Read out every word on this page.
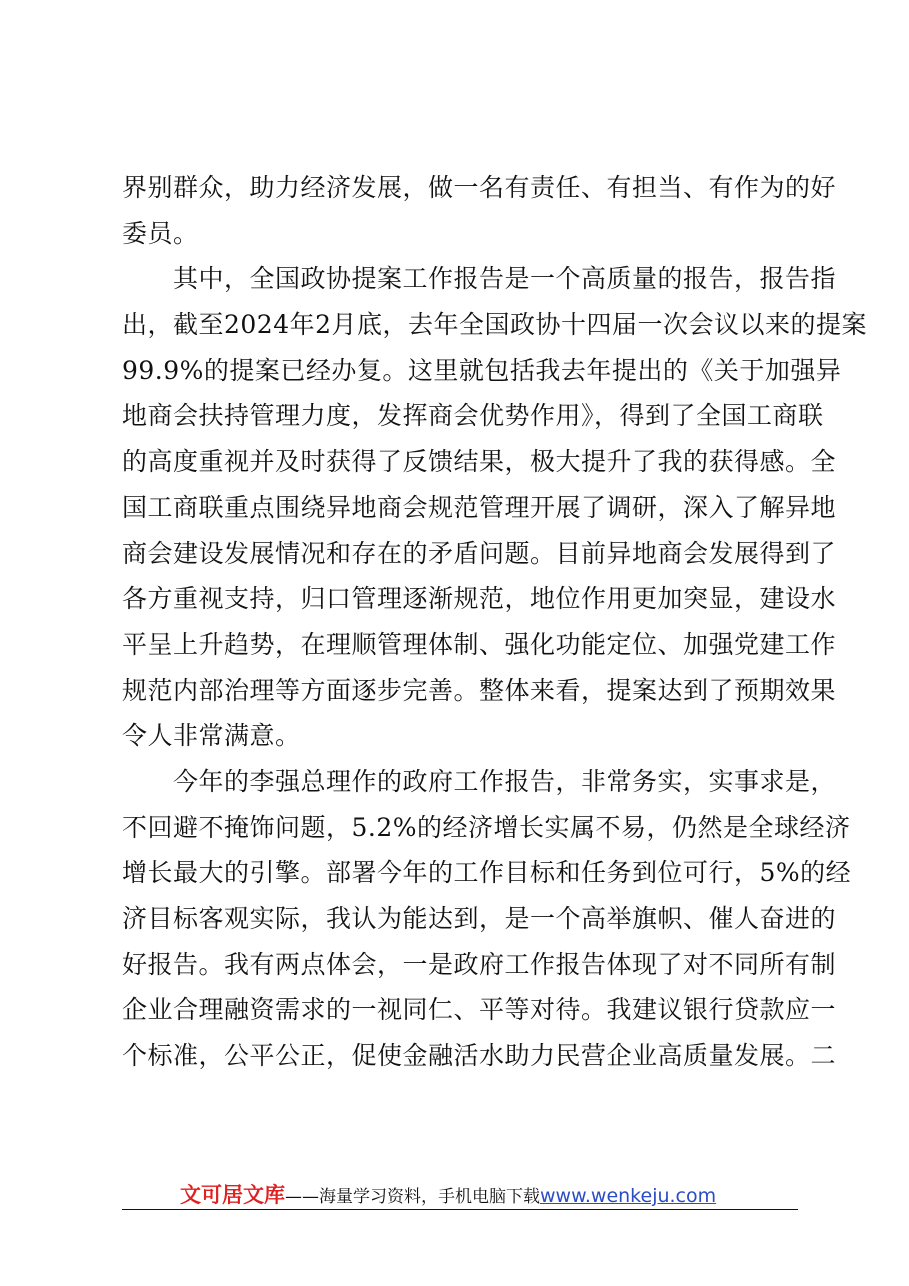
界别群众，助力经济发展，做一名有责任、有担当、有作为的好
委员。
　　其中，全国政协提案工作报告是一个高质量的报告，报告指
出，截至2024年2月底，去年全国政协十四届一次会议以来的提案
99.9%的提案已经办复。这里就包括我去年提出的《关于加强异
地商会扶持管理力度，发挥商会优势作用》，得到了全国工商联
的高度重视并及时获得了反馈结果，极大提升了我的获得感。全
国工商联重点围绕异地商会规范管理开展了调研，深入了解异地
商会建设发展情况和存在的矛盾问题。目前异地商会发展得到了
各方重视支持，归口管理逐渐规范，地位作用更加突显，建设水
平呈上升趋势，在理顺管理体制、强化功能定位、加强党建工作
规范内部治理等方面逐步完善。整体来看，提案达到了预期效果
令人非常满意。
　　今年的李强总理作的政府工作报告，非常务实，实事求是，
不回避不掩饰问题，5.2%的经济增长实属不易，仍然是全球经济
增长最大的引擎。部署今年的工作目标和任务到位可行，5%的经
济目标客观实际，我认为能达到，是一个高举旗帜、催人奋进的
好报告。我有两点体会，一是政府工作报告体现了对不同所有制
企业合理融资需求的一视同仁、平等对待。我建议银行贷款应一
个标准，公平公正，促使金融活水助力民营企业高质量发展。二
文可居文库——海量学习资料，手机电脑下载www.wenkeju.com
